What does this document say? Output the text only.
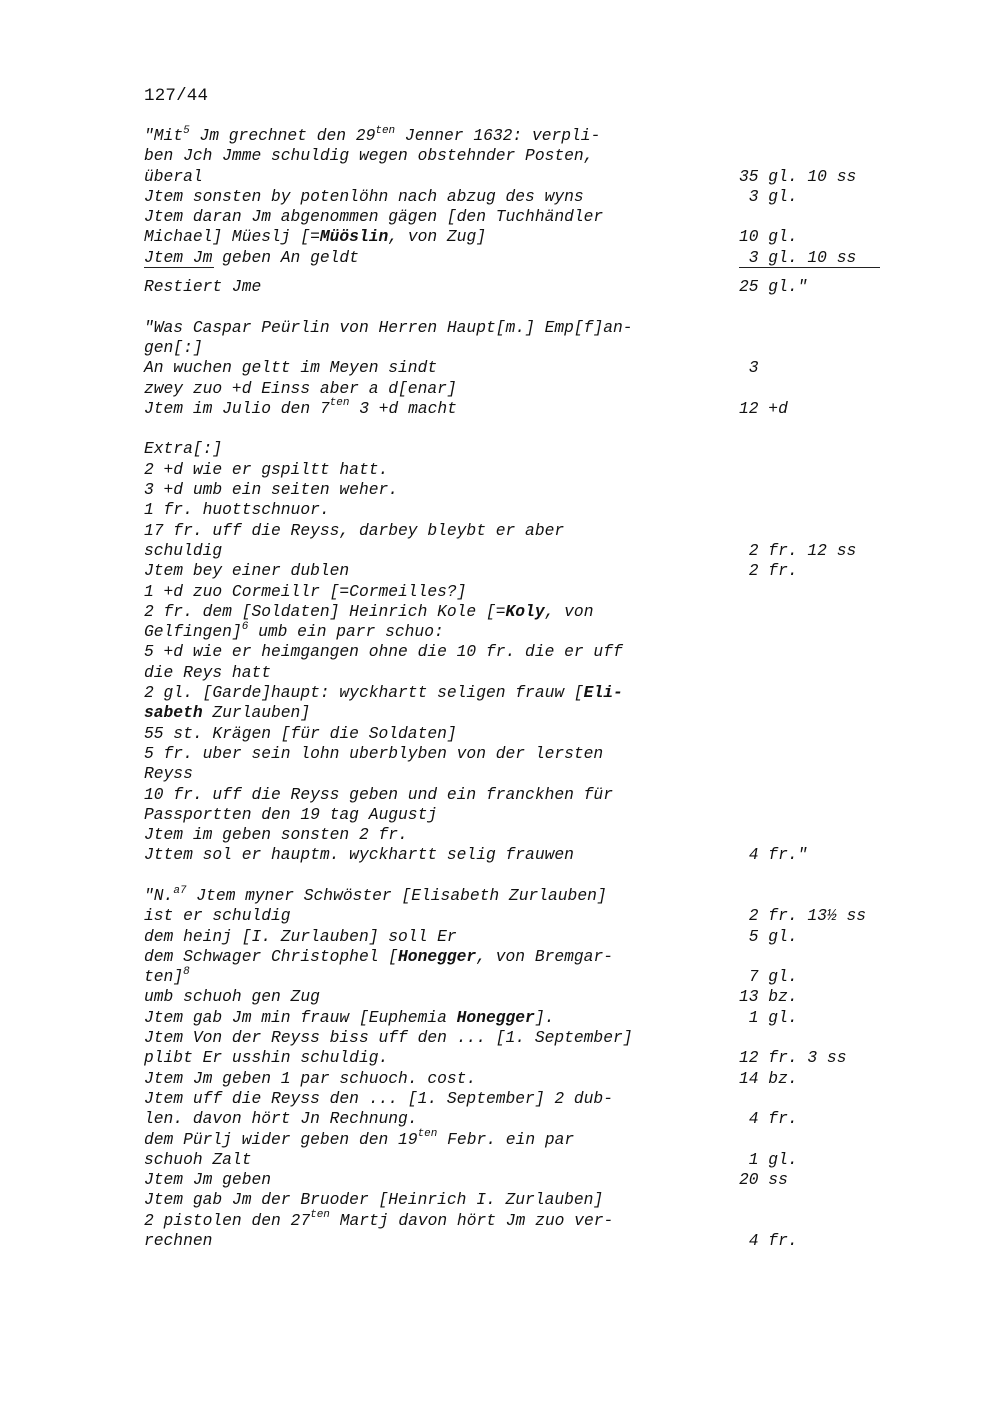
127/44
"Mit$^5$ Jm grechnet den $29^{ten}$ Jenner 1632: verpli-
ben Jch Jmme schuldig wegen obstehnder Posten,
überal	35 gl. 10 ss
Jtem sonsten by potenlöhn nach abzug des wyns	3 gl.
Jtem daran Jm abgenommen gägen [den Tuchhändler
Michael] Müeslj [=Müöslin, von Zug]	10 gl.
Jtem Jm geben An geldt	3 gl. 10 ss
Restiert Jme	25 gl."
"Was Caspar Peürlin von Herren Haupt[m.] Emp[f]an-
gen[:]
An wuchen geltt im Meyen sindt	3
zwey zuo +d Einss aber a d[enar]
Jtem im Julio den $7^{ten}$ 3 +d macht	12 +d
Extra[:]
2 +d wie er gspiltt hatt.
3 +d umb ein seiten weher.
1 fr. huottschnuor.
17 fr. uff die Reyss, darbey bleybt er aber
schuldig	2 fr. 12 ss
Jtem bey einer dublen	2 fr.
1 +d zuo Cormeillr [=Cormeilles?]
2 fr. dem [Soldaten] Heinrich Kole [=Koly, von
Gelfingen]$^6$ umb ein parr schuo:
5 +d wie er heimgangen ohne die 10 fr. die er uff
die Reys hatt
2 gl. [Garde]haupt: wyckhartt seligen frauw [Eli-
sabeth Zurlauben]
55 st. Krägen [für die Soldaten]
5 fr. uber sein lohn uberblyben von der lersten
Reyss
10 fr. uff die Reyss geben und ein franckhen für
Passportten den 19 tag Augustj
Jtem im geben sonsten 2 fr.
Jttem sol er hauptm. wyckhartt selig frauwen	4 fr."
"N.$^{a7}$ Jtem myner Schwöster [Elisabeth Zurlauben]
ist er schuldig	2 fr. 13½ ss
dem heinj [I. Zurlauben] soll Er	5 gl.
dem Schwager Christophel [Honegger, von Bremgar-
ten]$^8$	7 gl.
umb schuoh gen Zug	13 bz.
Jtem gab Jm min frauw [Euphemia Honegger].	1 gl.
Jtem Von der Reyss biss uff den ... [1. September]
plibt Er usshin schuldig.	12 fr. 3 ss
Jtem Jm geben 1 par schuoch. cost.	14 bz.
Jtem uff die Reyss den ... [1. September] 2 dub-
len. davon hört Jn Rechnung.	4 fr.
dem Pürlj wider geben den $19^{ten}$ Febr. ein par
schuoh Zalt	1 gl.
Jtem Jm geben	20 ss
Jtem gab Jm der Bruoder [Heinrich I. Zurlauben]
2 pistolen den $27^{ten}$ Martj davon hört Jm zuo ver-
rechnen	4 fr.
